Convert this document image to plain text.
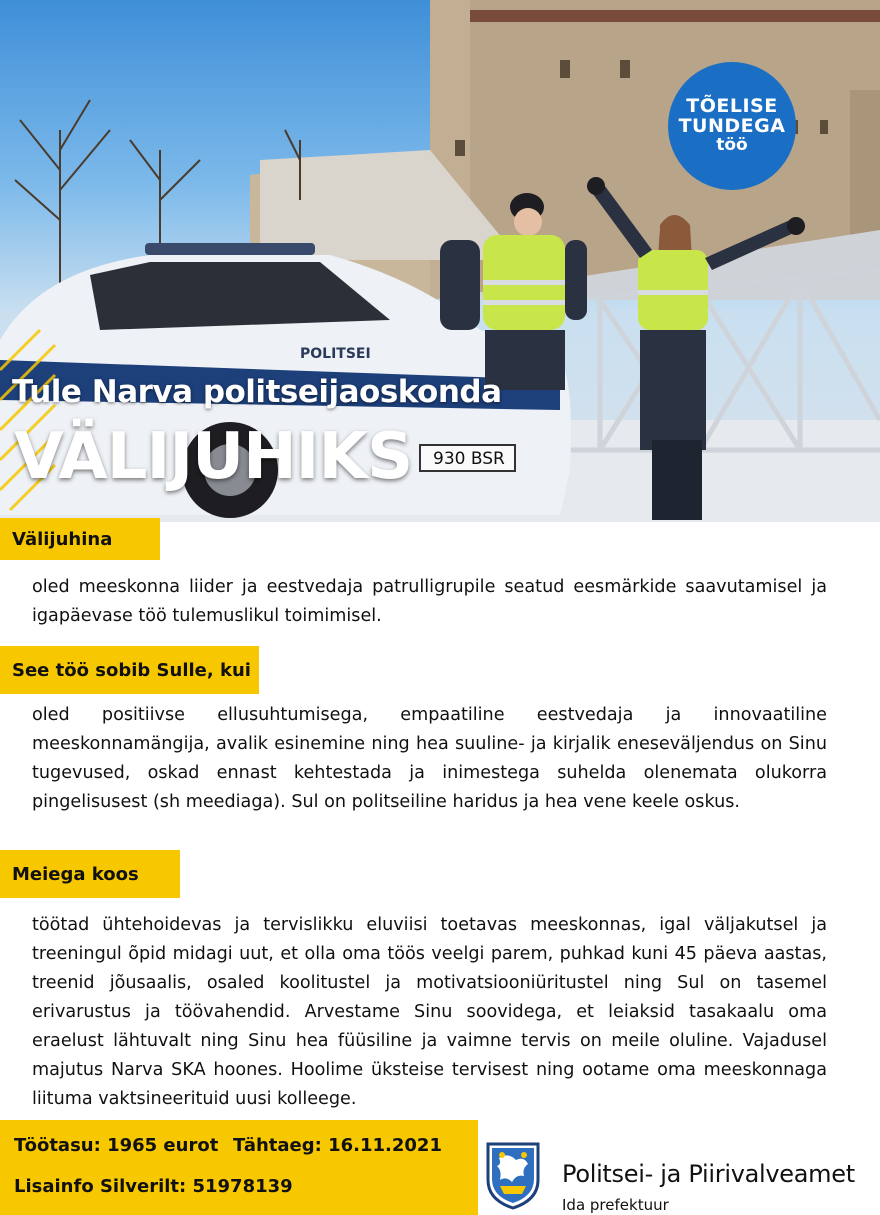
POLITSEI
930 BSR
TÕELISE
TUNDEGA
töö
Tule Narva politseijaoskonda
VÄLIJUHIKS
Välijuhina
oled meeskonna liider ja eestvedaja patrulligrupile seatud eesmärkide saavutamisel ja igapäevase töö tulemuslikul toimimisel.
See töö sobib Sulle, kui
oled positiivse ellusuhtumisega, empaatiline eestvedaja ja innovaatiline meeskonnamängija, avalik esinemine ning hea suuline- ja kirjalik eneseväljendus on Sinu tugevused, oskad ennast kehtestada ja inimestega suhelda olenemata olukorra pingelisusest (sh meediaga). Sul on politseiline haridus ja hea vene keele oskus.
Meiega koos
töötad ühtehoidevas ja tervislikku eluviisi toetavas meeskonnas, igal väljakutsel ja treeningul õpid midagi uut, et olla oma töös veelgi parem, puhkad kuni 45 päeva aastas, treenid jõusaalis, osaled koolitustel ja motivatsiooniüritustel ning Sul on tasemel erivarustus ja töövahendid. Arvestame Sinu soovidega, et leiaksid tasakaalu oma eraelust lähtuvalt ning Sinu hea füüsiline ja vaimne tervis on meile oluline. Vajadusel majutus Narva SKA hoones. Hoolime üksteise tervisest ning ootame oma meeskonnaga liituma vaktsineerituid uusi kolleege.
Töötasu: 1965 eurot Tähtaeg: 16.11.2021
Lisainfo Silverilt: 51978139	Politsei- ja Piirivalveamet
Ida prefektuur
